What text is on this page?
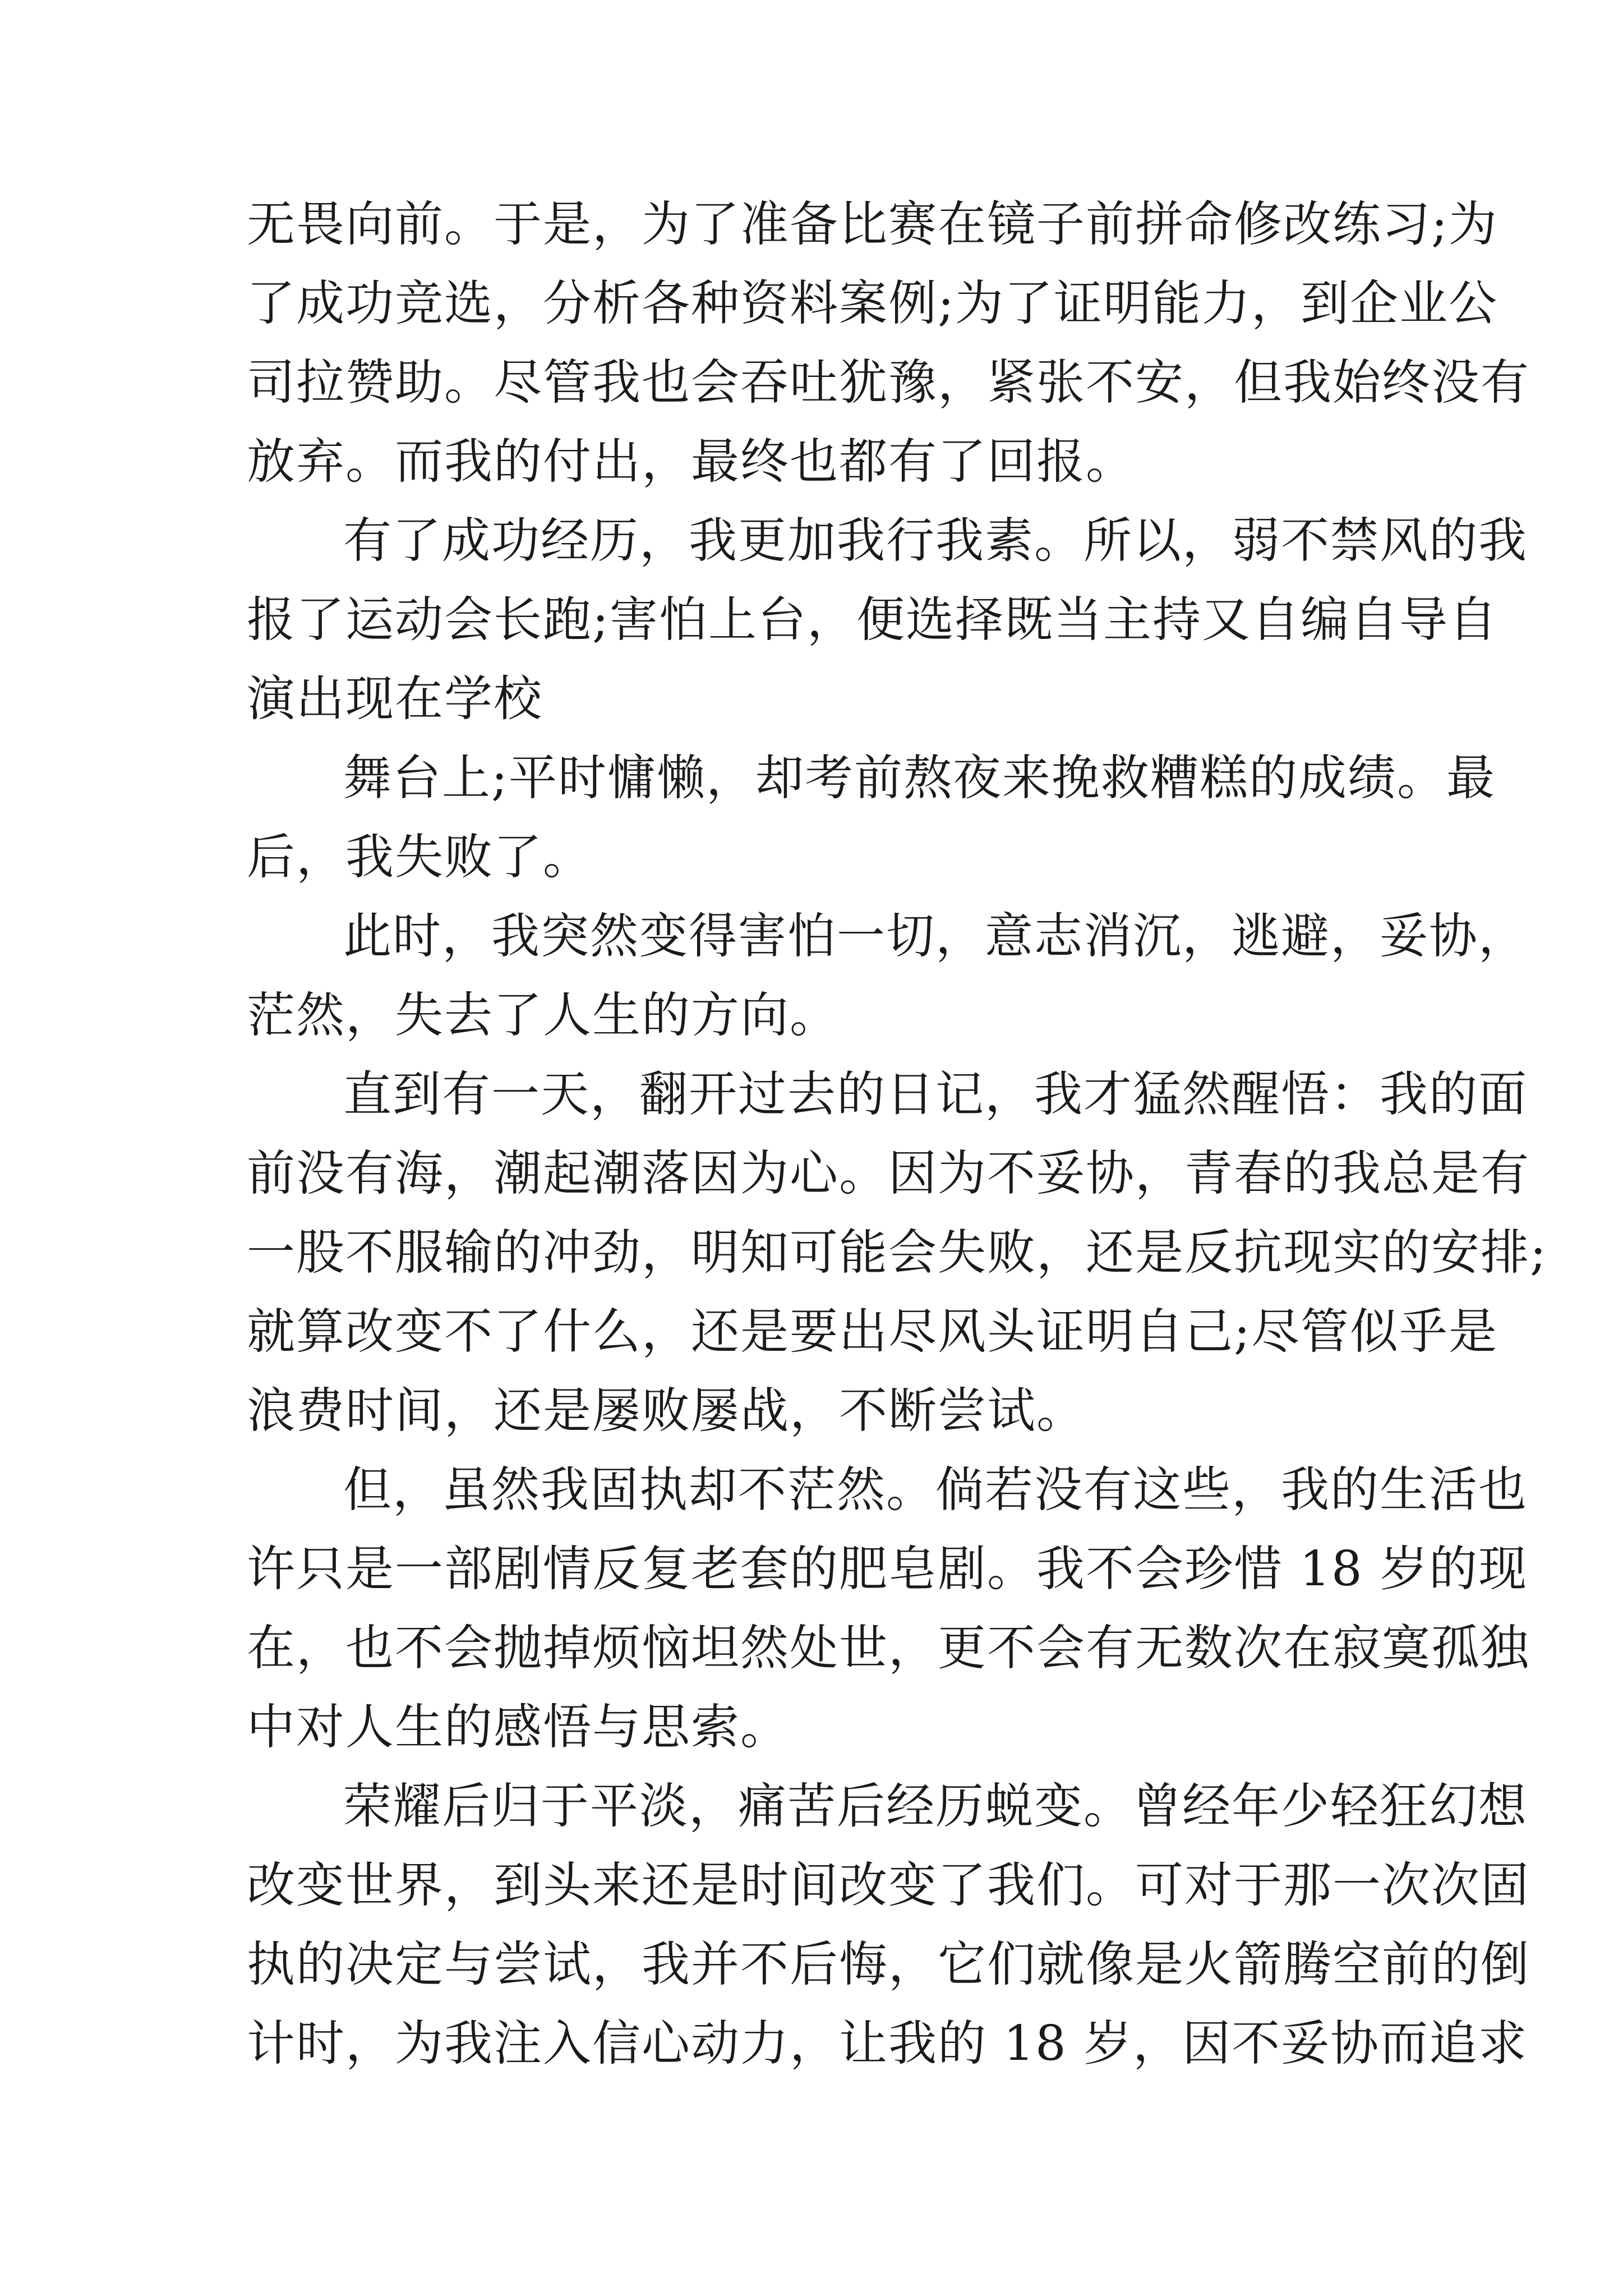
无畏向前。于是，为了准备比赛在镜子前拼命修改练习;为
了成功竞选，分析各种资料案例;为了证明能力，到企业公
司拉赞助。尽管我也会吞吐犹豫，紧张不安，但我始终没有
放弃。而我的付出，最终也都有了回报。
有了成功经历，我更加我行我素。所以，弱不禁风的我
报了运动会长跑;害怕上台，便选择既当主持又自编自导自
演出现在学校
舞台上;平时慵懒，却考前熬夜来挽救糟糕的成绩。最
后，我失败了。
此时，我突然变得害怕一切，意志消沉，逃避，妥协，
茫然，失去了人生的方向。
直到有一天，翻开过去的日记，我才猛然醒悟：我的面
前没有海，潮起潮落因为心。因为不妥协，青春的我总是有
一股不服输的冲劲，明知可能会失败，还是反抗现实的安排;
就算改变不了什么，还是要出尽风头证明自己;尽管似乎是
浪费时间，还是屡败屡战，不断尝试。
但，虽然我固执却不茫然。倘若没有这些，我的生活也
许只是一部剧情反复老套的肥皂剧。我不会珍惜 18 岁的现
在，也不会抛掉烦恼坦然处世，更不会有无数次在寂寞孤独
中对人生的感悟与思索。
荣耀后归于平淡，痛苦后经历蜕变。曾经年少轻狂幻想
改变世界，到头来还是时间改变了我们。可对于那一次次固
执的决定与尝试，我并不后悔，它们就像是火箭腾空前的倒
计时，为我注入信心动力，让我的 18 岁，因不妥协而追求
